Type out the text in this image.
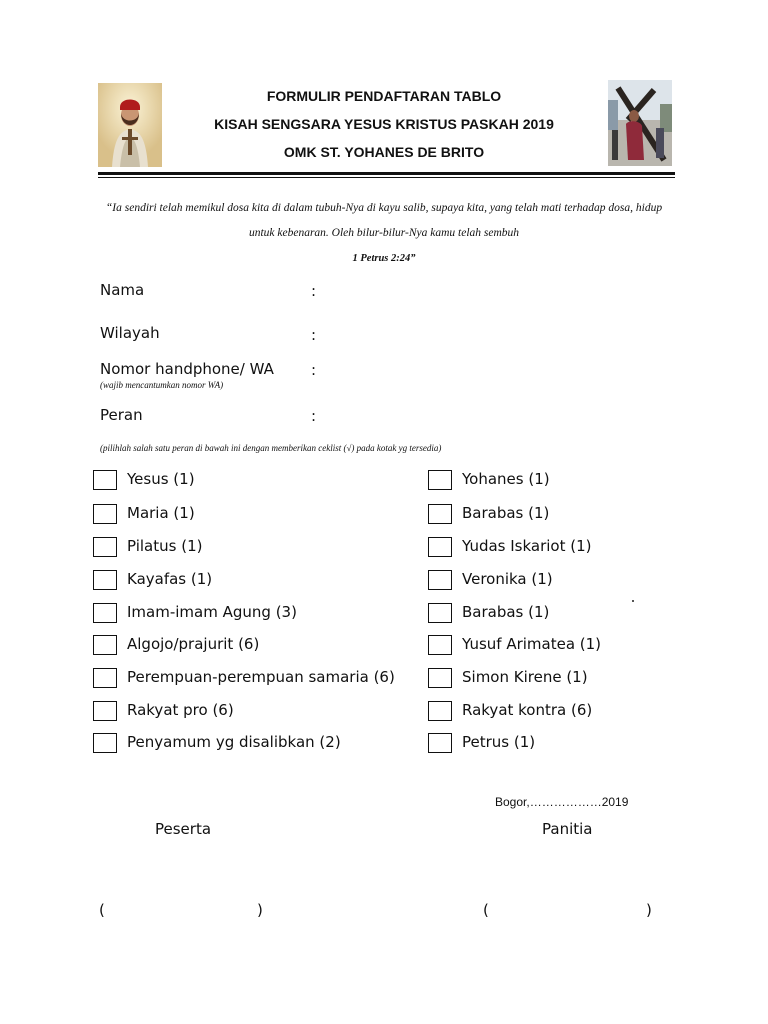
FORMULIR PENDAFTARAN TABLO
KISAH SENGSARA YESUS KRISTUS PASKAH 2019
OMK ST. YOHANES DE BRITO
“Ia sendiri telah memikul dosa kita di dalam tubuh-Nya di kayu salib, supaya kita, yang telah mati terhadap dosa, hidup
untuk kebenaran. Oleh bilur-bilur-Nya kamu telah sembuh
1 Petrus 2:24”
Nama	:
Wilayah	:
Nomor handphone/ WA :
(wajib mencantumkan nomor WA)
Peran	:
(pilihlah salah satu peran di bawah ini dengan memberikan ceklist (√) pada kotak yg tersedia)
Yesus (1)
Maria (1)
Pilatus (1)
Kayafas (1)
Imam-imam Agung (3)
Algojo/prajurit (6)
Perempuan-perempuan samaria (6)
Rakyat pro (6)
Penyamum yg disalibkan (2)
Yohanes (1)
Barabas (1)
Yudas Iskariot (1)
Veronika (1)
Barabas (1)
Yusuf Arimatea (1)
Simon Kirene (1)
Rakyat kontra (6)
Petrus (1)
Bogor,………………2019
Peserta	Panitia
(	)	(	)
